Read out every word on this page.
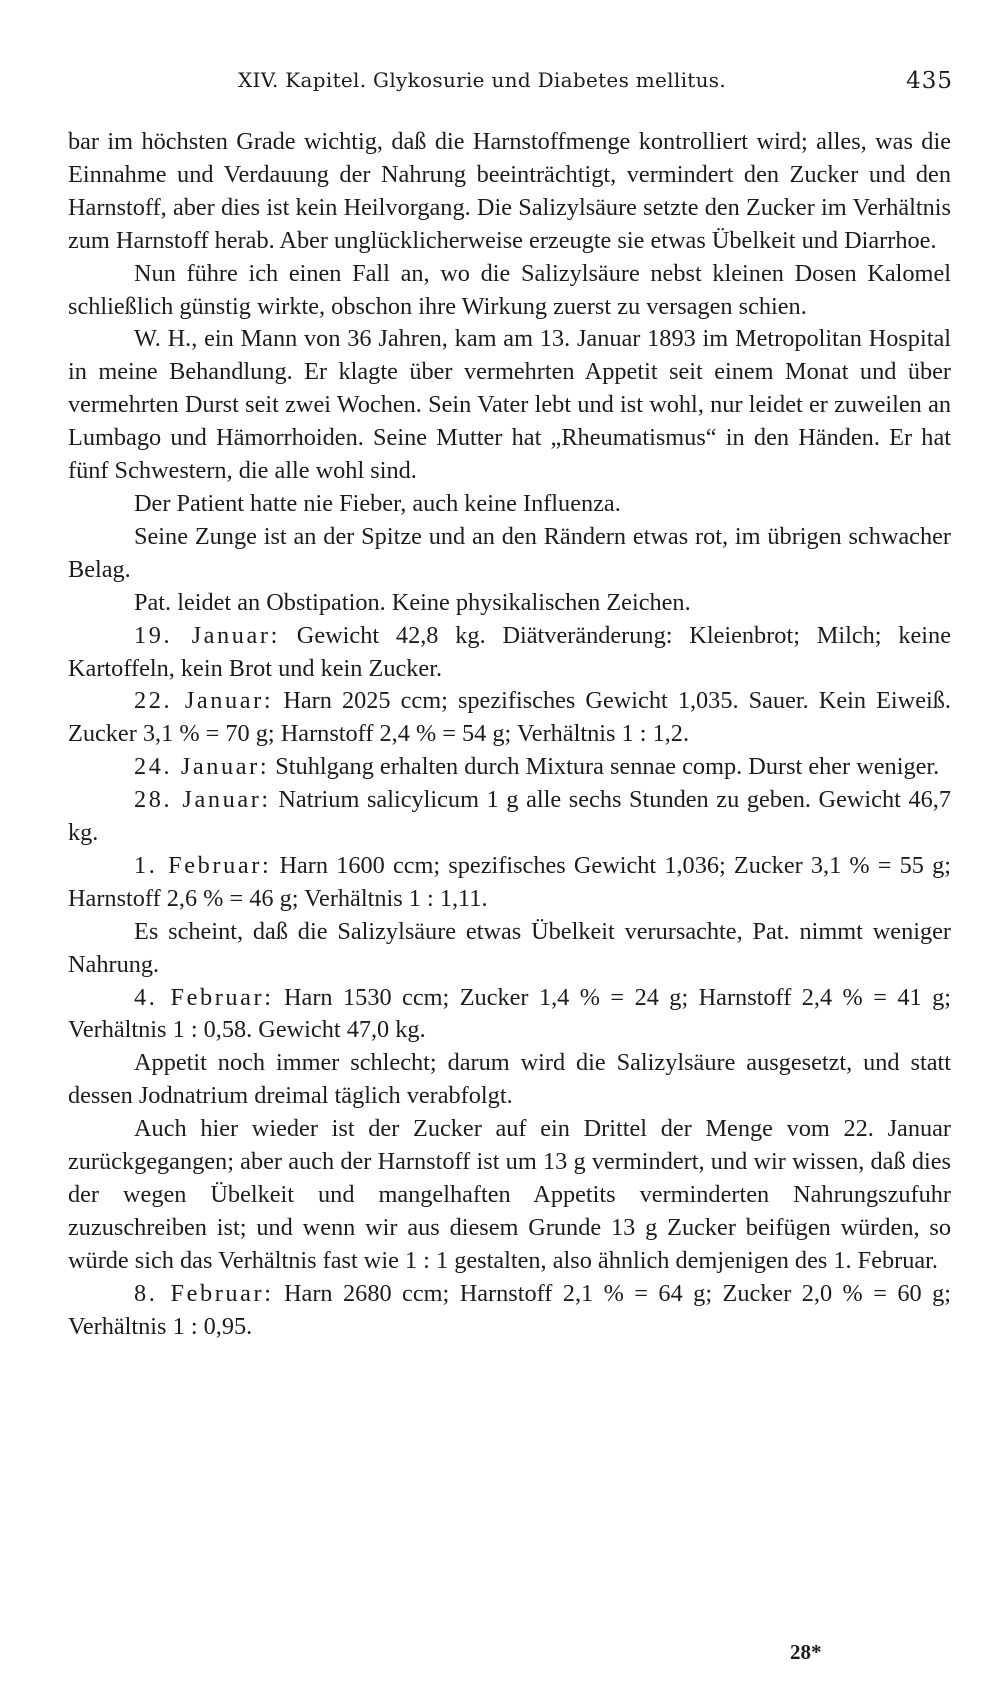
XIV. Kapitel. Glykosurie und Diabetes mellitus.	435

bar im höchsten Grade wichtig, daß die Harnstoffmenge kontrolliert wird; alles, was die Einnahme und Verdauung der Nahrung beeinträchtigt, vermindert den Zucker und den Harnstoff, aber dies ist kein Heilvorgang. Die Salizylsäure setzte den Zucker im Verhältnis zum Harnstoff herab. Aber unglücklicherweise erzeugte sie etwas Übelkeit und Diarrhoe.

Nun führe ich einen Fall an, wo die Salizylsäure nebst kleinen Dosen Kalomel schließlich günstig wirkte, obschon ihre Wirkung zuerst zu versagen schien.

W. H., ein Mann von 36 Jahren, kam am 13. Januar 1893 im Metropolitan Hospital in meine Behandlung. Er klagte über vermehrten Appetit seit einem Monat und über vermehrten Durst seit zwei Wochen. Sein Vater lebt und ist wohl, nur leidet er zuweilen an Lumbago und Hämorrhoiden. Seine Mutter hat „Rheumatismus“ in den Händen. Er hat fünf Schwestern, die alle wohl sind.

Der Patient hatte nie Fieber, auch keine Influenza.

Seine Zunge ist an der Spitze und an den Rändern etwas rot, im übrigen schwacher Belag.

Pat. leidet an Obstipation. Keine physikalischen Zeichen.

19. Januar: Gewicht 42,8 kg. Diätveränderung: Kleienbrot; Milch; keine Kartoffeln, kein Brot und kein Zucker.

22. Januar: Harn 2025 ccm; spezifisches Gewicht 1,035. Sauer. Kein Eiweiß. Zucker 3,1 % = 70 g; Harnstoff 2,4 % = 54 g; Verhältnis 1 : 1,2.

24. Januar: Stuhlgang erhalten durch Mixtura sennae comp. Durst eher weniger.

28. Januar: Natrium salicylicum 1 g alle sechs Stunden zu geben. Gewicht 46,7 kg.

1. Februar: Harn 1600 ccm; spezifisches Gewicht 1,036; Zucker 3,1 % = 55 g; Harnstoff 2,6 % = 46 g; Verhältnis 1 : 1,11.

Es scheint, daß die Salizylsäure etwas Übelkeit verursachte, Pat. nimmt weniger Nahrung.

4. Februar: Harn 1530 ccm; Zucker 1,4 % = 24 g; Harnstoff 2,4 % = 41 g; Verhältnis 1 : 0,58. Gewicht 47,0 kg.

Appetit noch immer schlecht; darum wird die Salizylsäure ausgesetzt, und statt dessen Jodnatrium dreimal täglich verabfolgt.

Auch hier wieder ist der Zucker auf ein Drittel der Menge vom 22. Januar zurückgegangen; aber auch der Harnstoff ist um 13 g vermindert, und wir wissen, daß dies der wegen Übelkeit und mangelhaften Appetits verminderten Nahrungszufuhr zuzuschreiben ist; und wenn wir aus diesem Grunde 13 g Zucker beifügen würden, so würde sich das Verhältnis fast wie 1 : 1 gestalten, also ähnlich demjenigen des 1. Februar.

8. Februar: Harn 2680 ccm; Harnstoff 2,1 % = 64 g; Zucker 2,0 % = 60 g; Verhältnis 1 : 0,95.

28*
